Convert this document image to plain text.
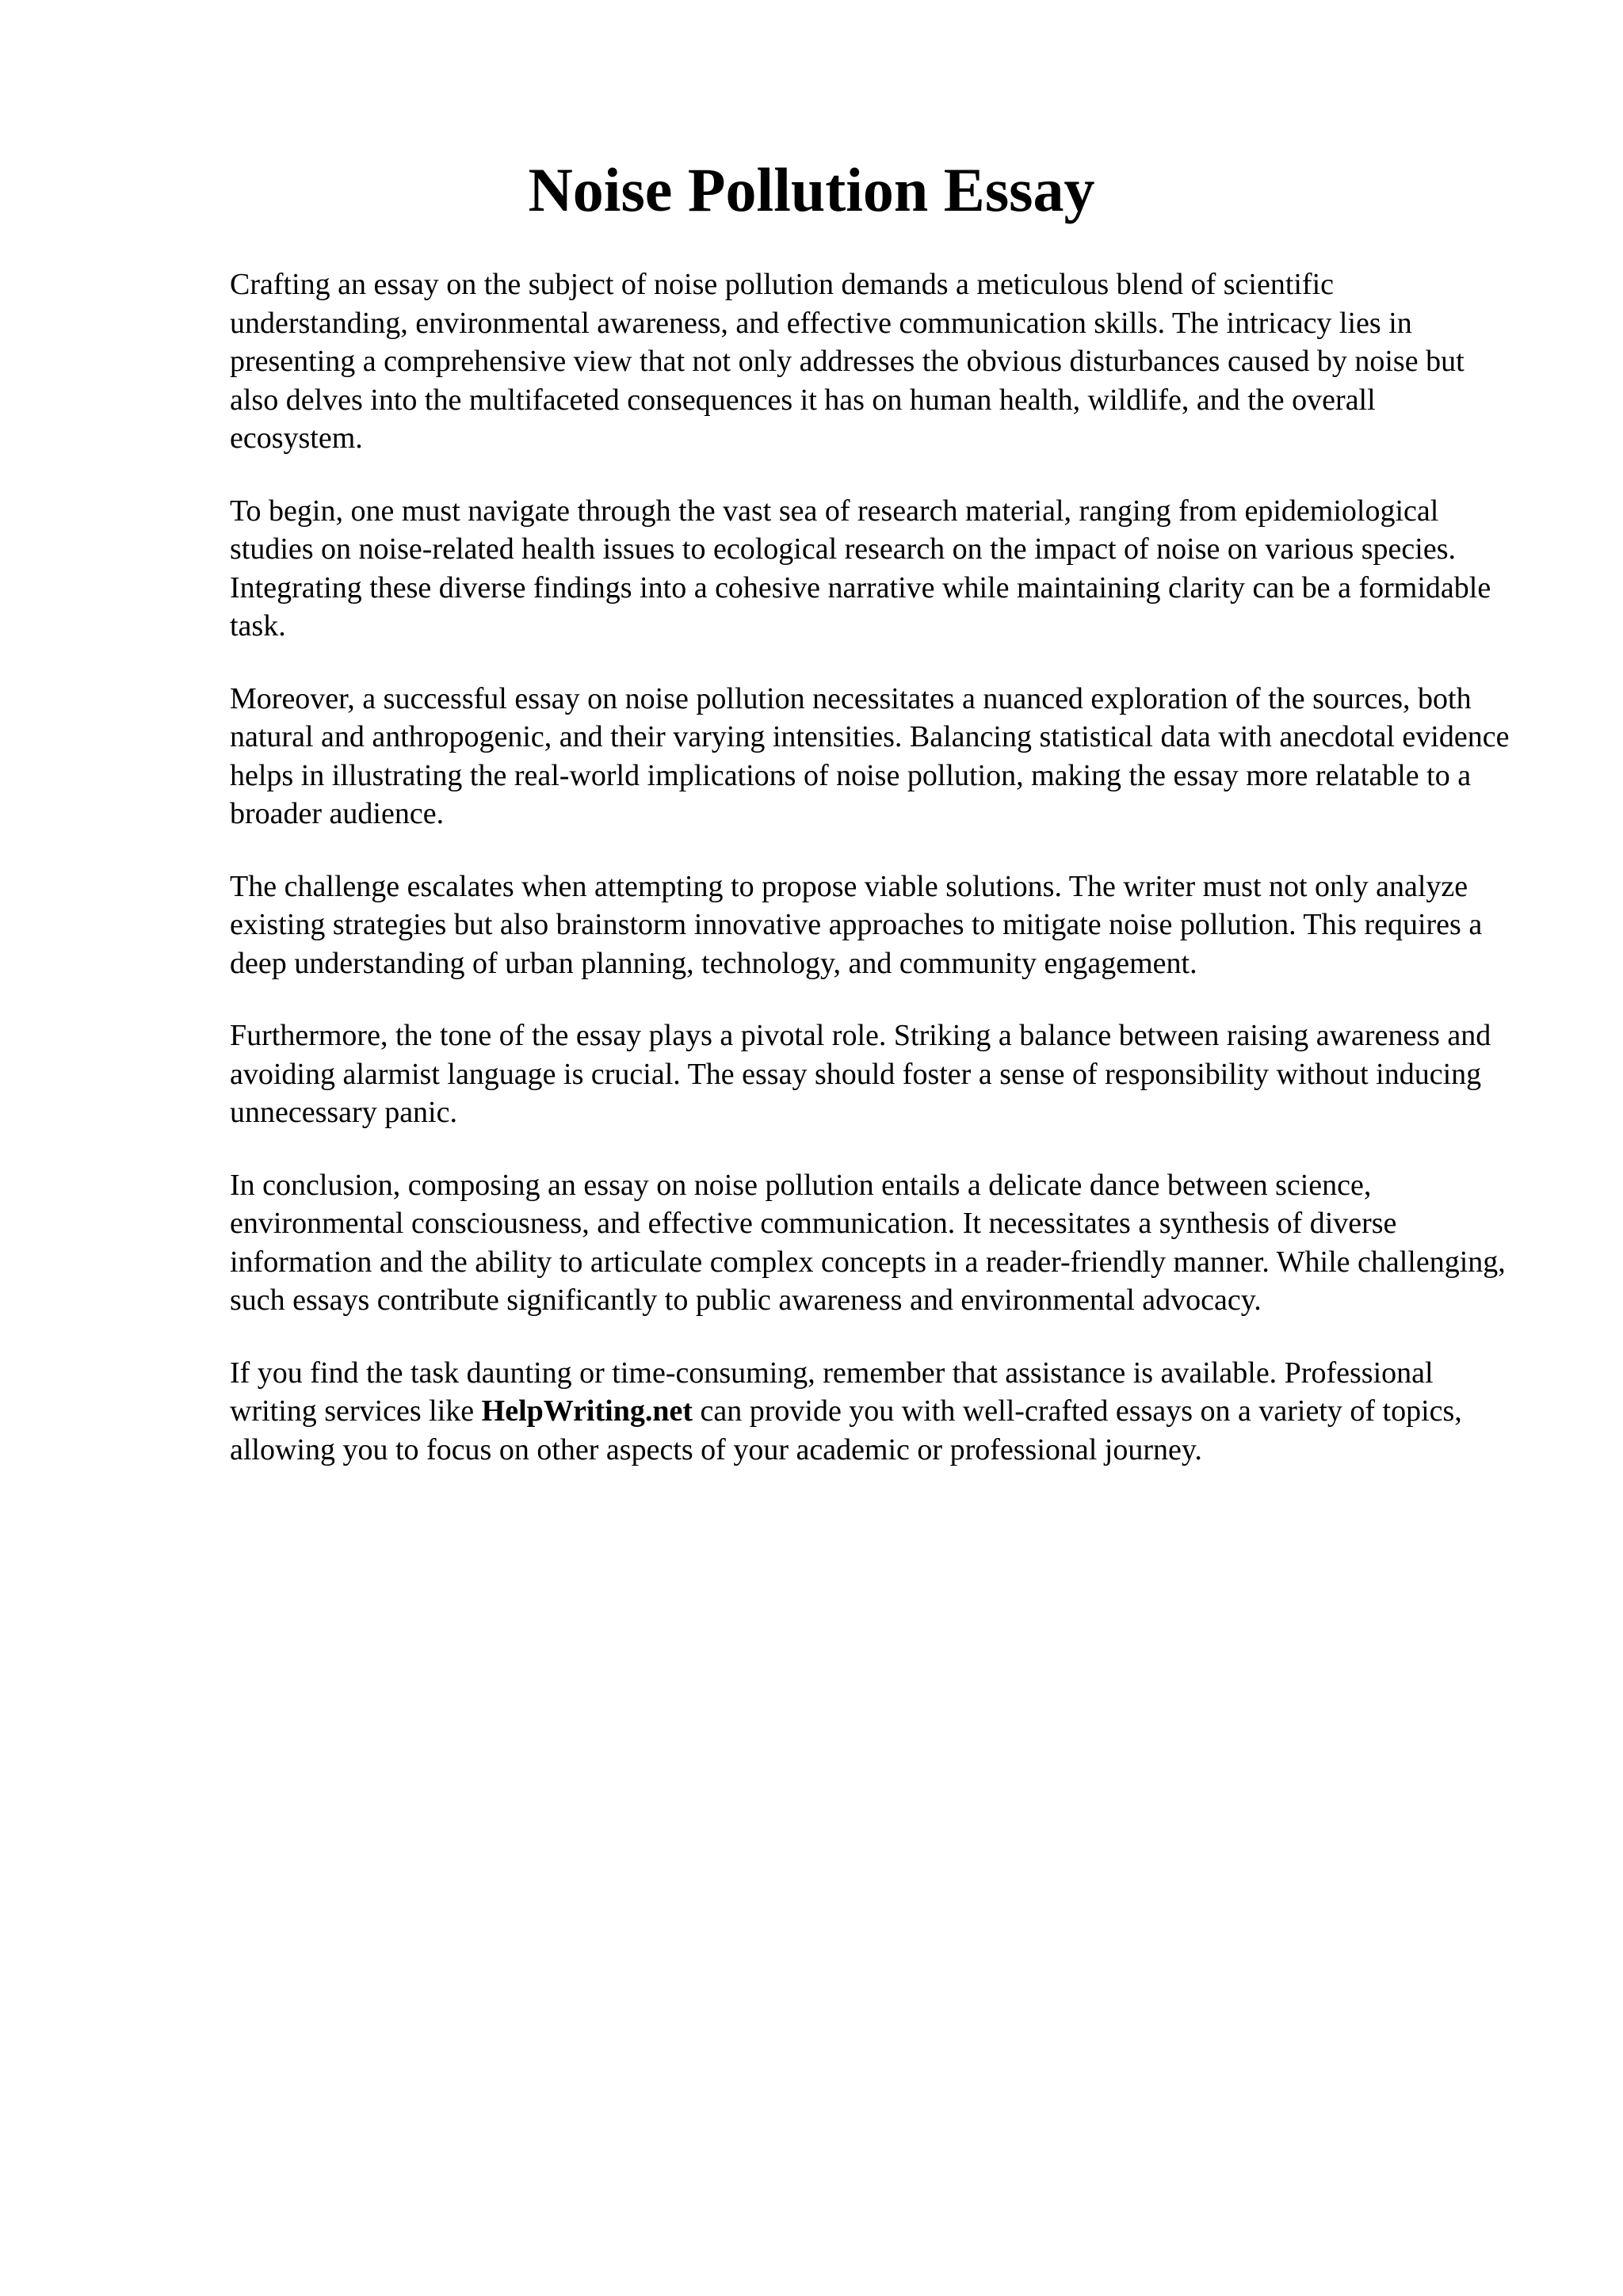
Noise Pollution Essay

Crafting an essay on the subject of noise pollution demands a meticulous blend of scientific understanding, environmental awareness, and effective communication skills. The intricacy lies in presenting a comprehensive view that not only addresses the obvious disturbances caused by noise but also delves into the multifaceted consequences it has on human health, wildlife, and the overall ecosystem.

To begin, one must navigate through the vast sea of research material, ranging from epidemiological studies on noise-related health issues to ecological research on the impact of noise on various species. Integrating these diverse findings into a cohesive narrative while maintaining clarity can be a formidable task.

Moreover, a successful essay on noise pollution necessitates a nuanced exploration of the sources, both natural and anthropogenic, and their varying intensities. Balancing statistical data with anecdotal evidence helps in illustrating the real-world implications of noise pollution, making the essay more relatable to a broader audience.

The challenge escalates when attempting to propose viable solutions. The writer must not only analyze existing strategies but also brainstorm innovative approaches to mitigate noise pollution. This requires a deep understanding of urban planning, technology, and community engagement.

Furthermore, the tone of the essay plays a pivotal role. Striking a balance between raising awareness and avoiding alarmist language is crucial. The essay should foster a sense of responsibility without inducing unnecessary panic.

In conclusion, composing an essay on noise pollution entails a delicate dance between science, environmental consciousness, and effective communication. It necessitates a synthesis of diverse information and the ability to articulate complex concepts in a reader-friendly manner. While challenging, such essays contribute significantly to public awareness and environmental advocacy.

If you find the task daunting or time-consuming, remember that assistance is available. Professional writing services like HelpWriting.net can provide you with well-crafted essays on a variety of topics, allowing you to focus on other aspects of your academic or professional journey.
